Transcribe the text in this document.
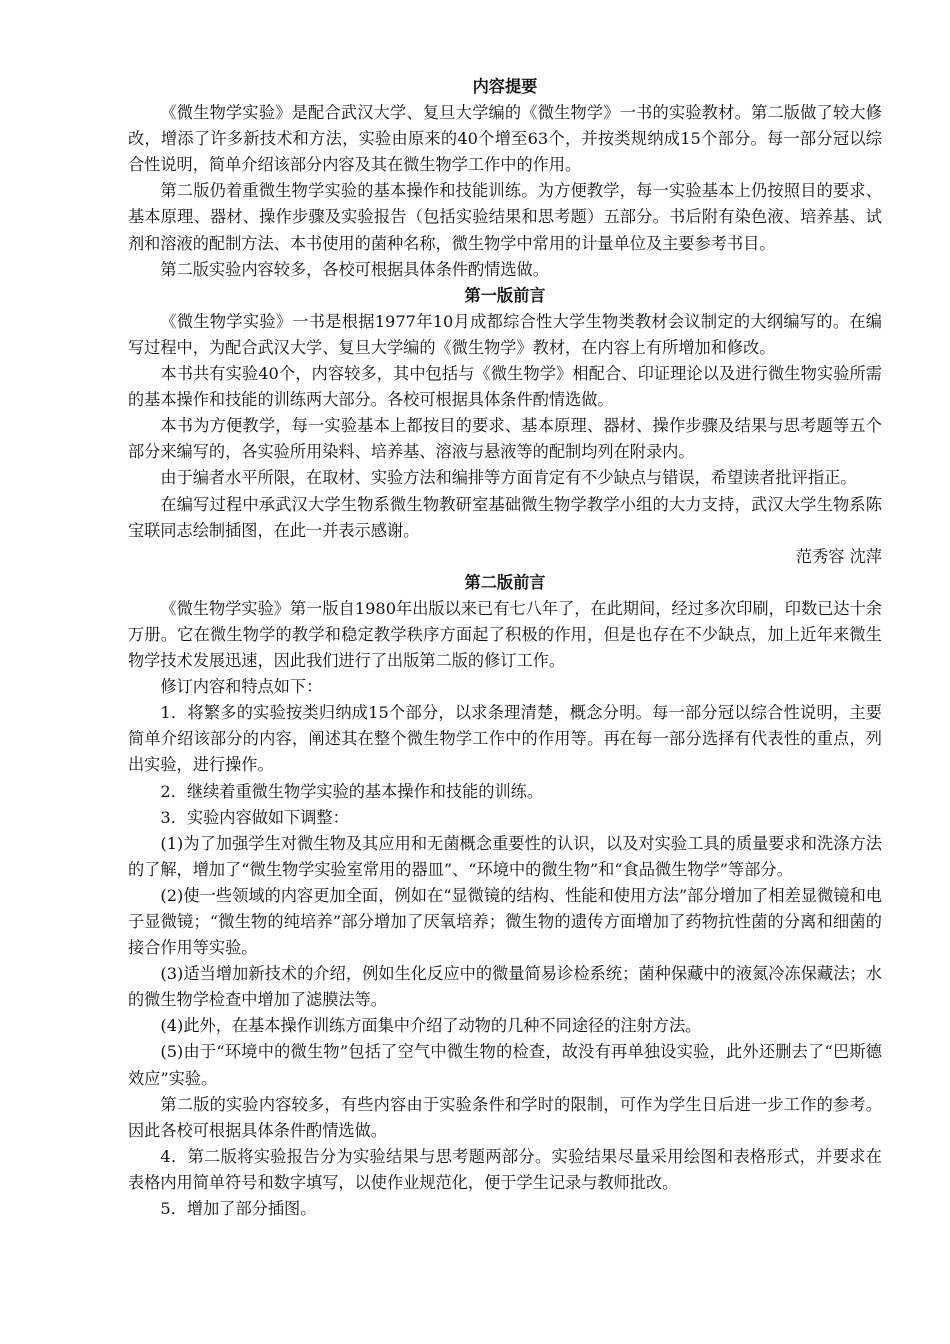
内容提要
《微生物学实验》是配合武汉大学、复旦大学编的《微生物学》一书的实验教材。第二版做了较大修改，增添了许多新技术和方法，实验由原来的40个增至63个，并按类规纳成15个部分。每一部分冠以综合性说明，简单介绍该部分内容及其在微生物学工作中的作用。
第二版仍着重微生物学实验的基本操作和技能训练。为方便教学，每一实验基本上仍按照目的要求、基本原理、器材、操作步骤及实验报告（包括实验结果和思考题）五部分。书后附有染色液、培养基、试剂和溶液的配制方法、本书使用的菌种名称，微生物学中常用的计量单位及主要参考书目。
第二版实验内容较多，各校可根据具体条件酌情选做。
第一版前言
《微生物学实验》一书是根据1977年10月成都综合性大学生物类教材会议制定的大纲编写的。在编写过程中，为配合武汉大学、复旦大学编的《微生物学》教材，在内容上有所增加和修改。
本书共有实验40个，内容较多，其中包括与《微生物学》相配合、印证理论以及进行微生物实验所需的基本操作和技能的训练两大部分。各校可根据具体条件酌情选做。
本书为方便教学，每一实验基本上都按目的要求、基本原理、器材、操作步骤及结果与思考题等五个部分来编写的，各实验所用染料、培养基、溶液与悬液等的配制均列在附录内。
由于编者水平所限，在取材、实验方法和编排等方面肯定有不少缺点与错误，希望读者批评指正。
在编写过程中承武汉大学生物系微生物教研室基础微生物学教学小组的大力支持，武汉大学生物系陈宝联同志绘制插图，在此一并表示感谢。
范秀容 沈萍
第二版前言
《微生物学实验》第一版自1980年出版以来已有七八年了，在此期间，经过多次印刷，印数已达十余万册。它在微生物学的教学和稳定教学秩序方面起了积极的作用，但是也存在不少缺点，加上近年来微生物学技术发展迅速，因此我们进行了出版第二版的修订工作。
修订内容和特点如下：
1．将繁多的实验按类归纳成15个部分，以求条理清楚，概念分明。每一部分冠以综合性说明，主要简单介绍该部分的内容，阐述其在整个微生物学工作中的作用等。再在每一部分选择有代表性的重点，列出实验，进行操作。
2．继续着重微生物学实验的基本操作和技能的训练。
3．实验内容做如下调整：
(1)为了加强学生对微生物及其应用和无菌概念重要性的认识，以及对实验工具的质量要求和洗涤方法的了解，增加了“微生物学实验室常用的器皿”、“环境中的微生物”和“食品微生物学”等部分。
(2)使一些领域的内容更加全面，例如在“显微镜的结构、性能和使用方法”部分增加了相差显微镜和电子显微镜；“微生物的纯培养”部分增加了厌氧培养；微生物的遗传方面增加了药物抗性菌的分离和细菌的接合作用等实验。
(3)适当增加新技术的介绍，例如生化反应中的微量简易诊检系统；菌种保藏中的液氮冷冻保藏法；水的微生物学检查中增加了滤膜法等。
(4)此外，在基本操作训练方面集中介绍了动物的几种不同途径的注射方法。
(5)由于“环境中的微生物”包括了空气中微生物的检查，故没有再单独设实验，此外还删去了“巴斯德效应”实验。
第二版的实验内容较多，有些内容由于实验条件和学时的限制，可作为学生日后进一步工作的参考。因此各校可根据具体条件酌情选做。
4．第二版将实验报告分为实验结果与思考题两部分。实验结果尽量采用绘图和表格形式，并要求在表格内用简单符号和数字填写，以使作业规范化，便于学生记录与教师批改。
5．增加了部分插图。
